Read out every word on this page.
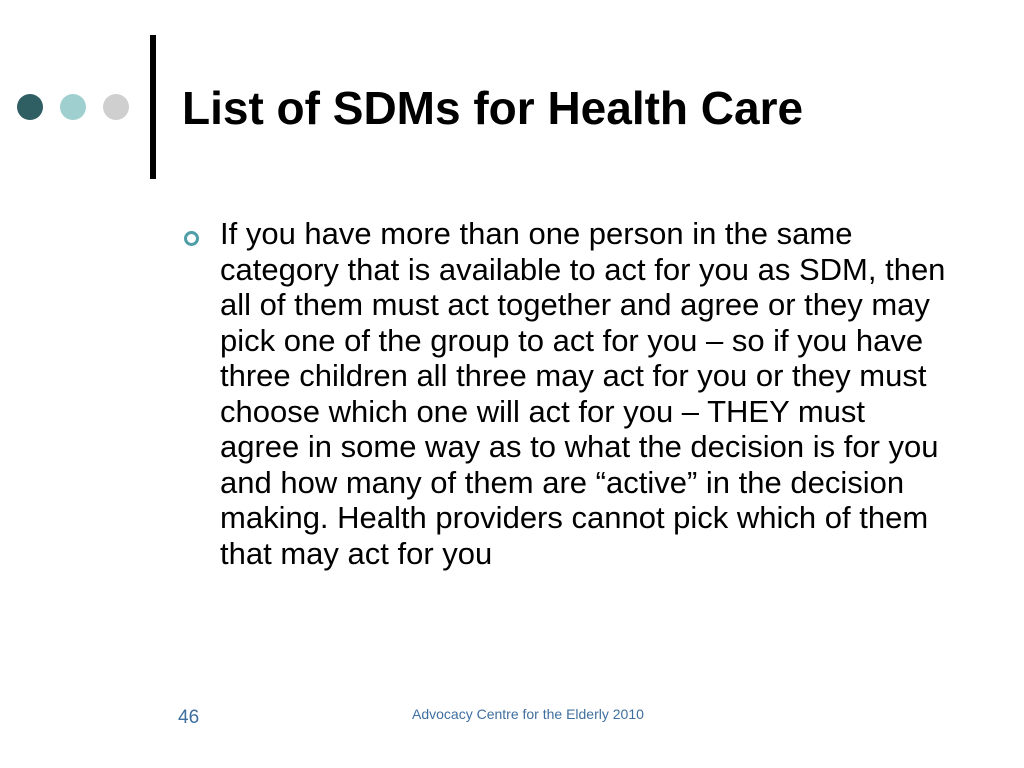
List of SDMs for Health Care
If you have more than one person in the same category that is available to act for you as SDM, then all of them must act together and agree or they may pick one of the group to act for you – so if you have three children all three may act for you or they must choose which one will act for you – THEY must agree in some way as to what the decision is for you and how many of them are “active” in the decision making. Health providers cannot pick which of them that may act for you
46	Advocacy Centre for the Elderly 2010
